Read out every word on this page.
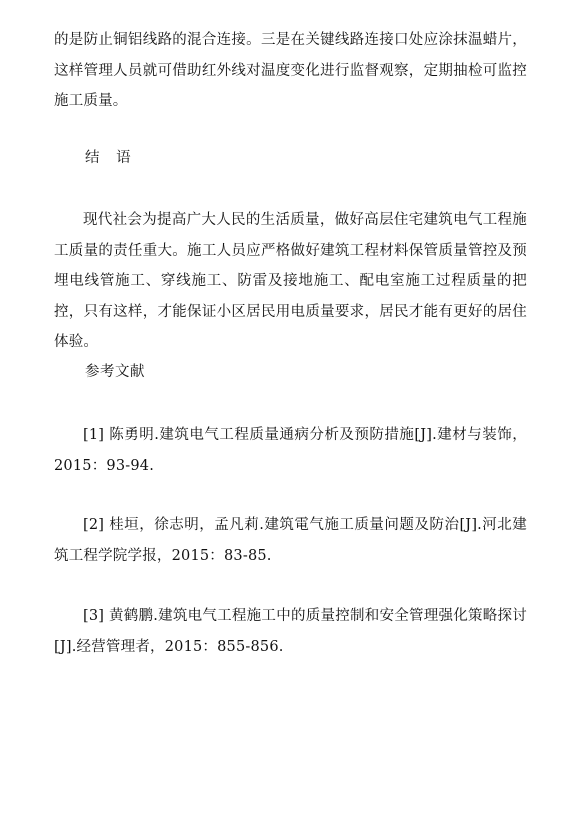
的是防止铜铝线路的混合连接。三是在关键线路连接口处应涂抹温蜡片，这样管理人员就可借助红外线对温度变化进行监督观察，定期抽检可监控施工质量。

结 语

现代社会为提高广大人民的生活质量，做好高层住宅建筑电气工程施工质量的责任重大。施工人员应严格做好建筑工程材料保管质量管控及预埋电线管施工、穿线施工、防雷及接地施工、配电室施工过程质量的把控，只有这样，才能保证小区居民用电质量要求，居民才能有更好的居住体验。

参考文献

[1] 陈勇明.建筑电气工程质量通病分析及预防措施[J].建材与装饰，2015：93-94.

[2] 桂垣，徐志明，孟凡莉.建筑電气施工质量问题及防治[J].河北建筑工程学院学报，2015：83-85.

[3] 黄鹤鹏.建筑电气工程施工中的质量控制和安全管理强化策略探讨[J].经营管理者，2015：855-856.
